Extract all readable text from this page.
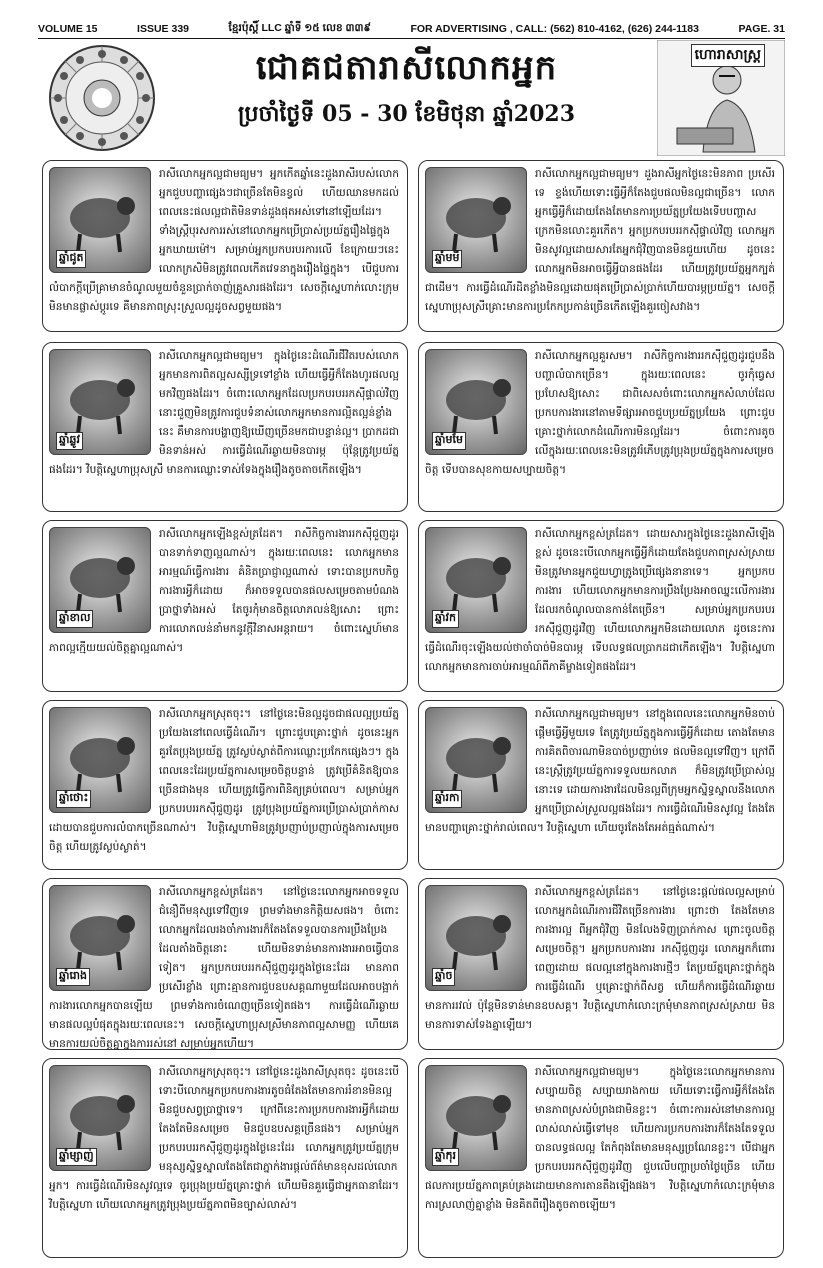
VOLUME 15	ISSUE 339	ខ្មែរប៉ុស្ដិ៍ LLC ឆ្នាំទី ១៥ លេខ ៣៣៩	FOR ADVERTISING , CALL: (562) 810-4162, (626) 244-1183	PAGE. 31
ជោគជតារាសីលោកអ្នក
ប្រចាំថ្ងៃទី 05 - 30 ខែមិថុនា ឆ្នាំ2023
ហោរាសាស្ត្រ
ឆ្នាំជូត
រាសីលោកអ្នកល្អជាមធ្យម។ អ្នកកើតឆ្នាំនេះដួងរាសីរបស់លោកអ្នកជួបបញ្ហាផ្សេងៗជាច្រើនតែមិនខ្វល់ ហើយឈានមកដល់ពេលនេះផលល្អជាតិមិនទាន់ដួងផុតអស់ទៅនៅឡើយដែរ។ ទាំងស្ត្រីបុរសការរស់នៅលោកអ្នកប្រើប្រាស់ប្រយ័ត្នរឿងផ្ទៃក្នុងអ្នកឃាយម៉ៅ។ សម្រាប់អ្នកប្រកបរបរការលើ ខែក្រោយៗនេះ លោកក្រសិមិនត្រូវពេលកើតវេទនាក្នុងរឿងផ្ទៃក្នុង។ បើជួបការលំបាកក្ដីប្រើគ្រាមានចំណូលមួយចំនួនប្រាក់ចាញ់គ្រួសារផងដែរ។ សេចក្ដីស្នេហាក់លោះក្រុមមិនមានផ្លាស់ប្ដូរទេ គឺមានភាពស្រុះស្រួលល្អដូចសព្វមួយផង។
ឆ្នាំមមី
រាសីលោកអ្នកល្អជាមធ្យម។ ដួងរាសីអ្នកថ្ងៃនេះមិនភាព ប្រសើរទេ ខ្ទង់ហើយទោះធ្វើអ្វីក៏តែងជួបផលមិនល្អជាច្រើន។ លោកអ្នកធ្វើអ្វីក៏ដោយតែងតែមានការប្រយ័ត្នប្រយែងទើបបញ្ហាសក្រេកមិនលោះគួរកើត។ អ្នកប្រកបរបររកស៊ីផ្ទាល់វិញ លោកអ្នកមិនសូវល្អដោយសារតែអ្នកជុំវិញបានមិនជួយហើយ ដូចនេះលោកអ្នកមិនអាចធ្វើអ្វីបានផងដែរ ហើយត្រូវប្រយ័ត្នអ្នកក្បត់ជាដើម។ ការធ្វើដំណើរដិតខ្លាំងមិនល្អដោយផុតប្រើប្រាស់ប្រាក់ហើយបារម្ភប្រយ័ត្ន។ សេចក្ដីស្នេហាប្រុសស្រីគ្រោះមានការប្រកែកប្រកាន់ច្រើនកើតឡើងគួរចៀសវាង។
ឆ្នាំឆ្លូវ
រាសីលោកអ្នកល្អជាមធ្យម។ ក្នុងថ្ងៃនេះដំណើរជីវិតរបស់លោកអ្នកមានការពិតល្អសស្សីទ្រទៅខ្លាំង ហើយធ្វើអ្វីក៏តែងហូរផលល្អមកវិញផងដែរ។ ចំពោះលោកអ្នកដែលប្រកបរបររកស៊ីផ្ទាល់វិញ នោះជួញមិនត្រូវការជួបទំនាស់លោកអ្នកមានការល្អិតល្អន់ខ្លាំងនេះ គឺមានការបង្ហាញឱ្យឃើញច្រើនមកជាបន្ទាន់ល្អ។ ប្រាកដជាមិនទាន់អស់ ការធ្វើដំណើរឆ្ងាយមិនបារម្ភ ប៉ុន្តែត្រូវប្រយ័ត្នផងដែរ។ វិបត្តិស្នេហាប្រុសស្រី មានការឈ្លោះទាស់ទែងក្នុងរឿងតូចតាចកើតឡើង។
ឆ្នាំមមែ
រាសីលោកអ្នកល្អគួរសម។ រាសីកិច្ចការងាររកស៊ីជួញដូរជួបនឹងបញ្ហាលំបាកច្រើន។ ក្នុងរយៈពេលនេះ ចូរកុំធ្វេសប្រហែសឱ្យសោះ ជាពិសេសចំពោះលោកអ្នកសំលាប់ដែលប្រកបការងារនៅតាមទីផ្សារអាចជួបប្រយ័ត្នប្រយែង ព្រោះជួបគ្រោះថ្នាក់លោកដំណើរការមិនល្អដែរ។ ចំពោះការតូចលើក្នុងរយៈពេលនេះមិនត្រូវរំភើបត្រូវប្រុងប្រយ័ត្នក្នុងការសម្រេចចិត្ត ទើបបានសុខកាយសប្បាយចិត្ត។
ឆ្នាំខាល
រាសីលោកអ្នកឡើងខ្ពស់ត្រដែត។ រាសីកិច្ចការងាររកស៊ីជួញដូរបានទាក់ទាញល្អណាស់។ ក្នុងរយៈពេលនេះ លោកអ្នកមានអារម្មណ៍ធ្វើការងារ គំនិតប្រាជ្ញាល្អណាស់ ទោះបានប្រកបកិច្ចការងារអ្វីក៏ដោយ ក៏អាចទទួលបានផលសម្រេចតាមបំណងប្រាថ្នាទាំងអស់ តែចូរកុំមានចិត្តលោភលន់ឱ្យសោះ ព្រោះការលោភលន់នាំមកនូវក្ដីវិនាសអន្តរាយ។ ចំពោះស្នេហ៍មានភាពល្អក្មើយយល់ចិត្តគ្នាល្អណាស់។
ឆ្នាំវក
រាសីលោកអ្នកខ្ពស់ត្រដែត។ ដោយសារក្នុងថ្ងៃនេះដួងរាសីឡើងខ្ពស់ ដូចនេះបើលោកអ្នកធ្វើអ្វីក៏ដោយតែងជួបភាពស្រស់ស្រាយ មិនត្រូវមានអ្នកជួយហ្វាត្រូងប្រើផ្សេងនានាទេ។ អ្នកប្រកបការងារ ហើយលោកអ្នកមានការប្រឹងប្រែងអាចឈ្នះលើការងារ ដែលរកចំណូលបានកាន់តែច្រើន។ សម្រាប់អ្នកប្រកបរបររកស៊ីជួញដូរវិញ ហើយលោកអ្នកមិនដោយលោភ ដូចនេះការធ្វើដំណើរចុះឡើងយល់ថាចាំបាច់មិនបារម្ភ ទើបលទ្ធផលប្រាកដជាកើតឡើង។ វិបត្តិស្នេហាលោកអ្នកមានការចាប់អារម្មណ៍ពីភាគីម្ខាងទៀតផងដែរ។
ឆ្នាំថោះ
រាសីលោកអ្នកស្រុតចុះ។ នៅថ្ងៃនេះមិនល្អដូចជាផលល្អប្រយ័ត្នប្រយែងនៅពេលធ្វើដំណើរ។ ព្រោះជួបគ្រោះថ្នាក់ ដូចនេះអ្នកគួរតែប្រុងប្រយ័ត្ន ត្រូវស្ងប់ស្ងាត់ពីការឈ្លោះប្រកែកផ្សេងៗ។ ក្នុងពេលនេះដែរប្រយ័ត្នការសម្រេចចិត្តបន្ទាន់ ត្រូវប្រើគំនិតឱ្យបានច្រើនជាងមុន ហើយត្រូវធ្វើការពិនិត្យគ្រប់ពេល។ សម្រាប់អ្នកប្រកបរបររកស៊ីជួញដូរ ត្រូវប្រុងប្រយ័ត្នការប្រើប្រាស់ប្រាក់កាស ដោយបានជួបការលំបាកច្រើនណាស់។ វិបត្តិស្នេហាមិនត្រូវប្រញាប់ប្រញាល់ក្នុងការសម្រេចចិត្ត ហើយត្រូវស្ងប់ស្ងាត់។
ឆ្នាំរកា
រាសីលោកអ្នកល្អជាមធ្យម។ នៅក្នុងពេលនេះលោកអ្នកមិនចាប់ផ្ដើមធ្វើអ្វីមួយទេ តែត្រូវប្រយ័ត្នក្នុងការធ្វើអ្វីក៏ដោយ តោងតែមានការគិតពិចារណាមិនបាច់ប្រញាប់ទេ ផលមិនល្អទៅវិញ។ ក្រៅពីនេះស្ត្រីត្រូវប្រយ័ត្នការទទួលយកលាភ ក៏មិនត្រូវប្រើប្រាស់ល្អនោះទេ ដោយការងារដែលមិនល្អពីក្រុមអ្នកស្និទ្ធស្នាលនឹងលោកអ្នកប្រើប្រាស់ស្រួលល្អផងដែរ។ ការធ្វើដំណើរមិនសូវល្អ តែងតែមានបញ្ហាគ្រោះថ្នាក់រាល់ពេល។ វិបត្តិស្នេហា ហើយចូរតែងតែអត់ធ្មត់ណាស់។
ឆ្នាំរោង
រាសីលោកអ្នកខ្ពស់ត្រដែត។ នៅថ្ងៃនេះលោកអ្នកអាចទទួលជំនឿពីមនុស្សទៅវិញទេ ព្រមទាំងមានកិត្តិយសផង។ ចំពោះលោកអ្នកដែលរងចាំការងារក៏តែងតែទទួលបានការប្រឹងប្រែងដែលតាំងចិត្តនោះ ហើយមិនទាន់មានការងារអាចធ្វើបានទៀត។ អ្នកប្រកបរបររកស៊ីជួញដូរក្នុងថ្ងៃនេះដែរ មានភាពប្រសើរខ្លាំង ព្រោះគ្មានការជួបឧបសគ្គណាមួយដែលអាចបង្អាក់ការងារលោកអ្នកបានឡើយ ព្រមទាំងការចំណេញច្រើនទៀតផង។ ការធ្វើដំណើរឆ្ងាយមានផលល្អបំផុតក្នុងរយៈពេលនេះ។ សេចក្ដីស្នេហាប្រុសស្រីមានភាពល្អសាមញ្ញ ហើយគេមានការយល់ចិត្តគ្នាក្នុងការរស់នៅ សម្រាប់អ្នកហើយ។
ឆ្នាំច
រាសីលោកអ្នកខ្ពស់ត្រដែត។ នៅថ្ងៃនេះផ្ដល់ផលល្អសម្រាប់លោកអ្នកដំណើរការជីវិតច្រើនការងារ ព្រោះថា តែងតែមានការងារល្អ ពីអ្នកជុំវិញ មិនលែងទិញប្រាក់កាស ព្រោះចូលចិត្តសម្រេចចិត្ត។ អ្នកប្រកបការងារ រកស៊ីជួញដូរ លោកអ្នកក៏ពោរពេញដោយ ផលល្អនៅក្នុងការងារថ្មីៗ តែប្រយ័ត្នគ្រោះថ្នាក់ក្នុងការធ្វើដំណើរ ឬគ្រោះថ្នាក់ពីសត្វ ហើយក៏ការធ្វើដំណើរឆ្ងាយមានការរវល់ ប៉ុន្តែមិនទាន់មានឧបសគ្គ។ វិបត្តិស្នេហាកំលោះក្រមុំមានភាពស្រស់ស្រាយ មិនមានការទាស់ទែងគ្នាឡើយ។
ឆ្នាំម្សាញ់
រាសីលោកអ្នកស្រុតចុះ។ នៅថ្ងៃនេះដួងរាសីស្រុតចុះ ដូចនេះបើទោះបីលោកអ្នកប្រកបការងារតូចធំតែងតែមានការរំខានមិនល្អ មិនជួបសព្វប្រាថ្នាទេ។ ក្រៅពីនេះការប្រកបការងារអ្វីក៏ដោយតែងតែមិនសម្រេច មិនជួបឧបសគ្គច្រើនផង។ សម្រាប់អ្នកប្រកបរបររកស៊ីជួញដូរក្នុងថ្ងៃនេះដែរ លោកអ្នកត្រូវប្រយ័ត្នក្រុមមនុស្សស្និទ្ធស្នាលតែងតែជាភ្នាក់ងារផ្ដល់ព័ត៌មានខុសដល់លោកអ្នក។ ការធ្វើដំណើរមិនសូវល្អទេ ចូរប្រុងប្រយ័ត្នគ្រោះថ្នាក់ ហើយមិនគួរធ្វើជាអ្នកធានាដែរ។ វិបត្តិស្នេហា ហើយលោកអ្នកត្រូវប្រុងប្រយ័ត្នភាពមិនច្បាស់លាស់។
ឆ្នាំកុរ
រាសីលោកអ្នកល្អជាមធ្យម។ ក្នុងថ្ងៃនេះលោកអ្នកមានការសប្បាយចិត្ត សប្បាយរាងកាយ ហើយទោះធ្វើការអ្វីក៏តែងតែមានភាពស្រស់បំព្រងជាមិនខ្លះ។ ចំពោះការរស់នៅមានការល្អលាស់លាស់ធ្វើទៅមុខ ហើយការប្រកបការងារក៏តែងតែទទួលបានលទ្ធផលល្អ តែកំពុងតែមានមនុស្សច្រណែនខ្លះ។ បើជាអ្នកប្រកបរបររកស៊ីជួញដូរវិញ ជួបលើបញ្ហាប្រចាំថ្ងៃច្រើន ហើយផលការប្រយ័ត្នភាពគ្រប់គ្រងដោយមានការតានតឹងឡើងផង។ វិបត្តិស្នេហាកំលោះក្រមុំមានការស្រលាញ់គ្នាខ្លាំង មិនគិតពីរឿងតូចតាចឡើយ។
